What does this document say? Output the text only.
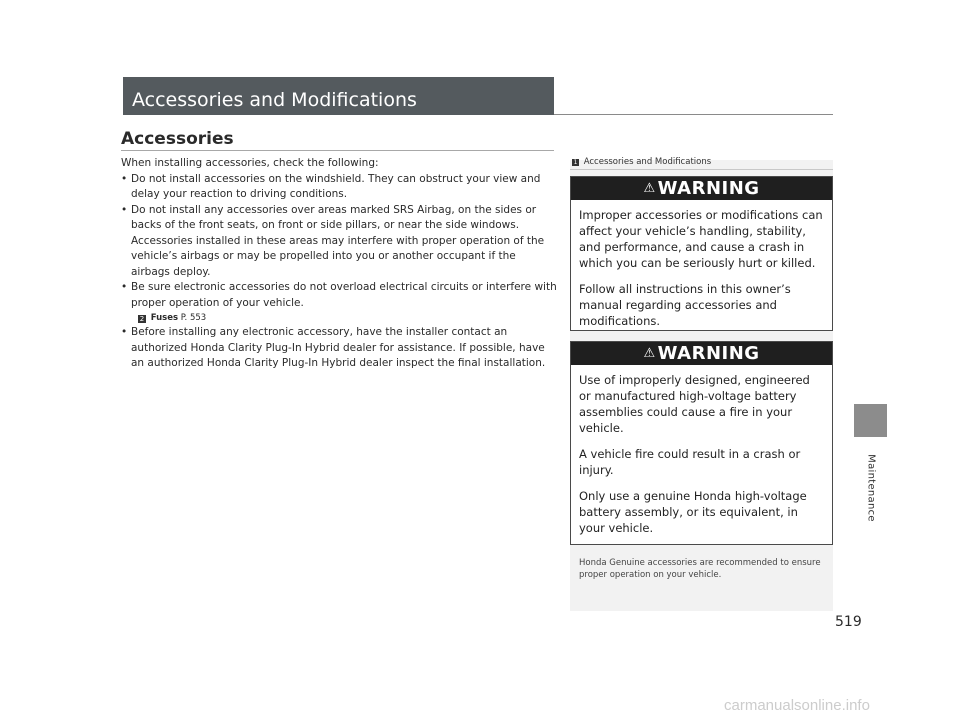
Accessories and Modifications
Accessories

When installing accessories, check the following:

• Do not install accessories on the windshield. They can obstruct your view and delay your reaction to driving conditions.
• Do not install any accessories over areas marked SRS Airbag, on the sides or backs of the front seats, on front or side pillars, or near the side windows. Accessories installed in these areas may interfere with proper operation of the vehicle’s airbags or may be propelled into you or another occupant if the airbags deploy.
• Be sure electronic accessories do not overload electrical circuits or interfere with proper operation of your vehicle.
2 Fuses P. 553
• Before installing any electronic accessory, have the installer contact an authorized Honda Clarity Plug-In Hybrid dealer for assistance. If possible, have an authorized Honda Clarity Plug-In Hybrid dealer inspect the final installation.
1 Accessories and Modifications
⚠ WARNING

Improper accessories or modifications can affect your vehicle’s handling, stability, and performance, and cause a crash in which you can be seriously hurt or killed.

Follow all instructions in this owner’s manual regarding accessories and modifications.

⚠ WARNING

Use of improperly designed, engineered or manufactured high-voltage battery assemblies could cause a fire in your vehicle.

A vehicle fire could result in a crash or injury.

Only use a genuine Honda high-voltage battery assembly, or its equivalent, in your vehicle.

Honda Genuine accessories are recommended to ensure proper operation on your vehicle.
Maintenance
519
carmanualsonline.info
